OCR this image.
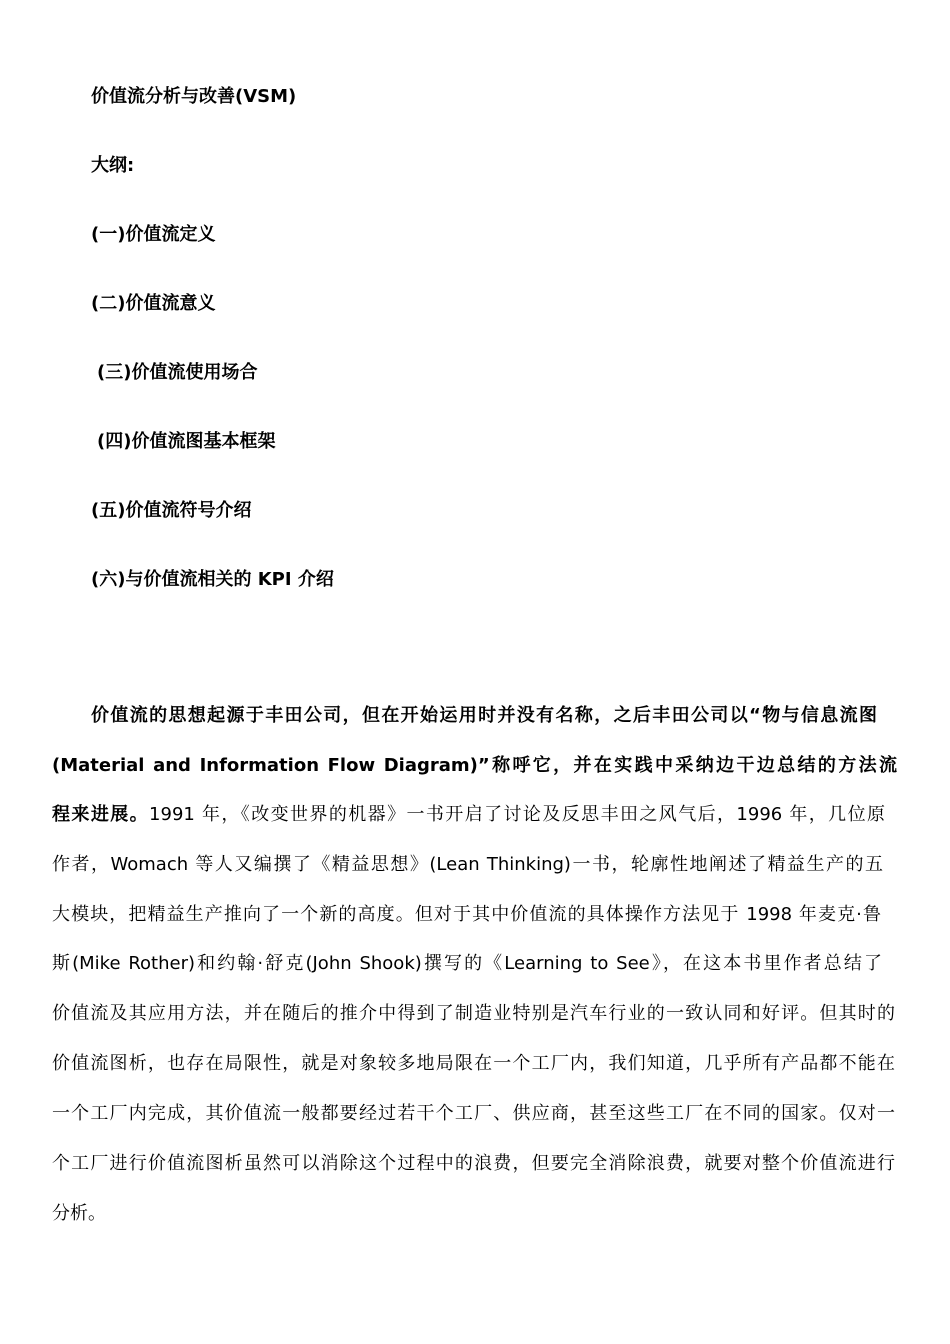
价值流分析与改善(VSM)
大纲:
(一)价值流定义
(二)价值流意义
(三)价值流使用场合
(四)价值流图基本框架
(五)价值流符号介绍
(六)与价值流相关的 KPI 介绍
价值流的思想起源于丰田公司，但在开始运用时并没有名称，之后丰田公司以“物与信息流图
(Material and Information Flow Diagram)”称呼它，并在实践中采纳边干边总结的方法流
程来进展。1991 年，《改变世界的机器》一书开启了讨论及反思丰田之风气后，1996 年，几位原
作者，Womach 等人又编撰了《精益思想》(Lean Thinking)一书，轮廓性地阐述了精益生产的五
大模块，把精益生产推向了一个新的高度。但对于其中价值流的具体操作方法见于 1998 年麦克·鲁
斯(Mike Rother)和约翰·舒克(John Shook)撰写的《Learning to See》，在这本书里作者总结了
价值流及其应用方法，并在随后的推介中得到了制造业特别是汽车行业的一致认同和好评。但其时的
价值流图析，也存在局限性，就是对象较多地局限在一个工厂内，我们知道，几乎所有产品都不能在
一个工厂内完成，其价值流一般都要经过若干个工厂、供应商，甚至这些工厂在不同的国家。仅对一
个工厂进行价值流图析虽然可以消除这个过程中的浪费，但要完全消除浪费，就要对整个价值流进行
分析。
